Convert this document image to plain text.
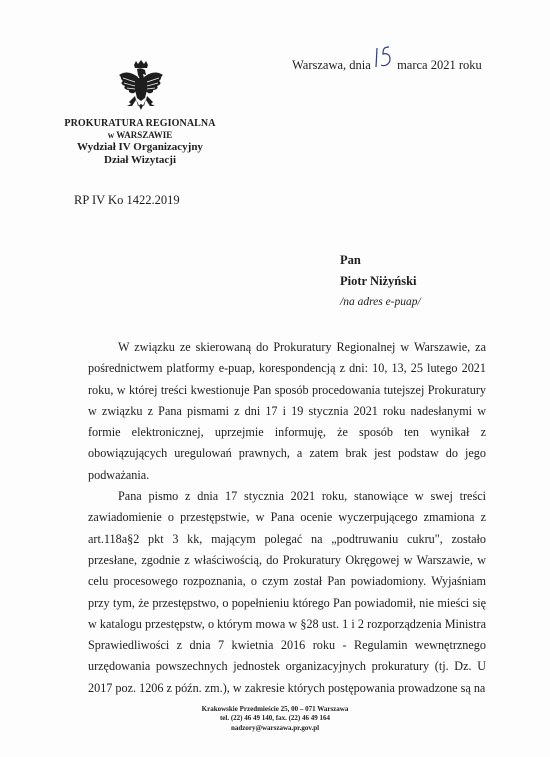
Warszawa, dnia marca 2021 roku
PROKURATURA REGIONALNA
w WARSZAWIE
Wydział IV Organizacyjny
Dział Wizytacji
RP IV Ko 1422.2019
Pan
Piotr Niżyński
/na adres e-puap/

W związku ze skierowaną do Prokuratury Regionalnej w Warszawie, za pośrednictwem platformy e-puap, korespondencją z dni: 10, 13, 25 lutego 2021 roku, w której treści kwestionuje Pan sposób procedowania tutejszej Prokuratury w związku z Pana pismami z dni 17 i 19 stycznia 2021 roku nadesłanymi w formie elektronicznej, uprzejmie informuję, że sposób ten wynikał z obowiązujących uregulowań prawnych, a zatem brak jest podstaw do jego podważania.

Pana pismo z dnia 17 stycznia 2021 roku, stanowiące w swej treści zawiadomienie o przestępstwie, w Pana ocenie wyczerpującego zmamiona z art.118a§2 pkt 3 kk, mającym polegać na „podtruwaniu cukru", zostało przesłane, zgodnie z właściwością, do Prokuratury Okręgowej w Warszawie, w celu procesowego rozpoznania, o czym został Pan powiadomiony. Wyjaśniam przy tym, że przestępstwo, o popełnieniu którego Pan powiadomił, nie mieści się w katalogu przestępstw, o którym mowa w §28 ust. 1 i 2 rozporządzenia Ministra Sprawiedliwości z dnia 7 kwietnia 2016 roku - Regulamin wewnętrznego urzędowania powszechnych jednostek organizacyjnych prokuratury (tj. Dz. U 2017 poz. 1206 z późn. zm.), w zakresie których postępowania prowadzone są na

Krakowskie Przedmieście 25, 00 – 071 Warszawa
tel. (22) 46 49 140, fax. (22) 46 49 164
nadzory@warszawa.pr.gov.pl
